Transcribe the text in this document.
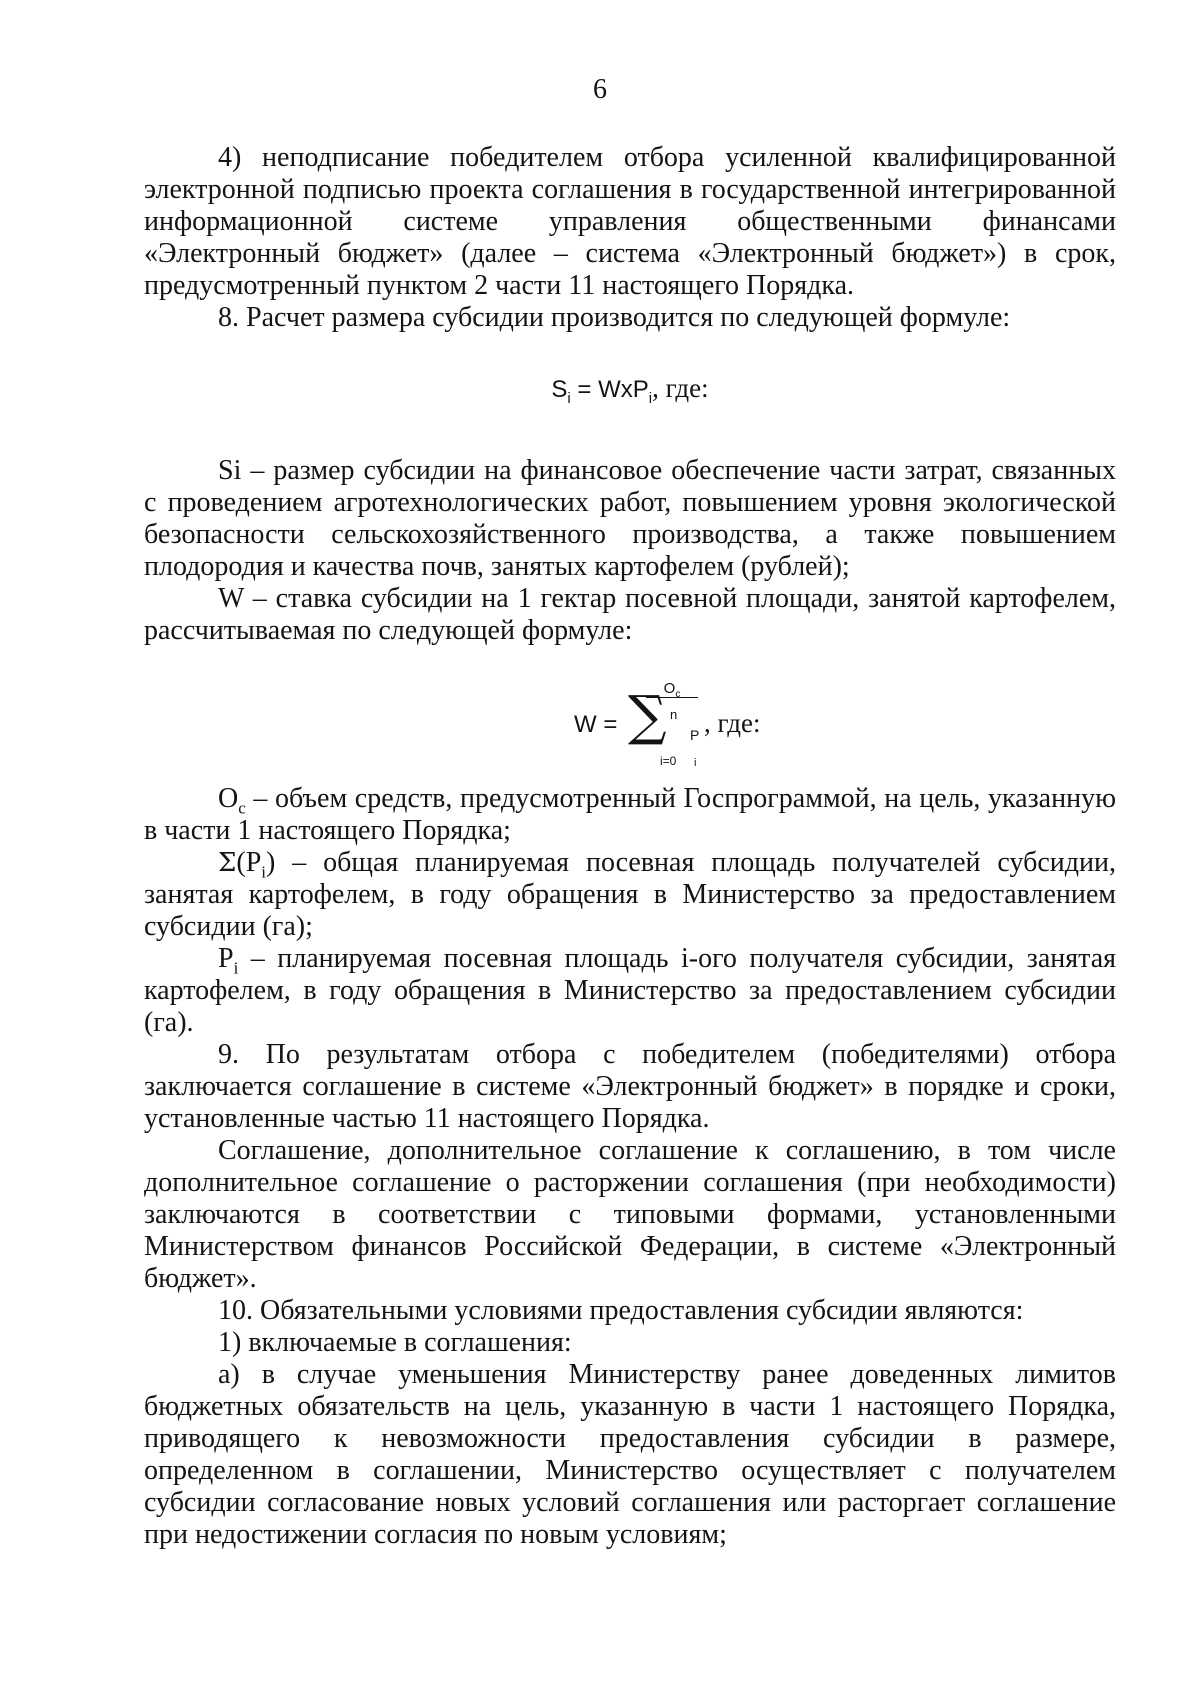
6

4) неподписание победителем отбора усиленной квалифицированной электронной подписью проекта соглашения в государственной интегрированной информационной системе управления общественными финансами «Электронный бюджет» (далее – система «Электронный бюджет») в срок, предусмотренный пунктом 2 части 11 настоящего Порядка.

8. Расчет размера субсидии производится по следующей формуле:

$S_i = WxP_i$, где:

Si – размер субсидии на финансовое обеспечение части затрат, связанных с проведением агротехнологических работ, повышением уровня экологической безопасности сельскохозяйственного производства, а также повышением плодородия и качества почв, занятых картофелем (рублей);

W – ставка субсидии на 1 гектар посевной площади, занятой картофелем, рассчитываемая по следующей формуле:

W =
$O_c$
∑ n
P
i=0 i
, где:

$O_c$ – объем средств, предусмотренный Госпрограммой, на цель, указанную в части 1 настоящего Порядка;

$\Sigma(P_i)$ – общая планируемая посевная площадь получателей субсидии, занятая картофелем, в году обращения в Министерство за предоставлением субсидии (га);

$P_i$ – планируемая посевная площадь i-ого получателя субсидии, занятая картофелем, в году обращения в Министерство за предоставлением субсидии (га).

9. По результатам отбора с победителем (победителями) отбора заключается соглашение в системе «Электронный бюджет» в порядке и сроки, установленные частью 11 настоящего Порядка.

Соглашение, дополнительное соглашение к соглашению, в том числе дополнительное соглашение о расторжении соглашения (при необходимости) заключаются в соответствии с типовыми формами, установленными Министерством финансов Российской Федерации, в системе «Электронный бюджет».

10. Обязательными условиями предоставления субсидии являются:

1) включаемые в соглашения:

а) в случае уменьшения Министерству ранее доведенных лимитов бюджетных обязательств на цель, указанную в части 1 настоящего Порядка, приводящего к невозможности предоставления субсидии в размере, определенном в соглашении, Министерство осуществляет с получателем субсидии согласование новых условий соглашения или расторгает соглашение при недостижении согласия по новым условиям;
